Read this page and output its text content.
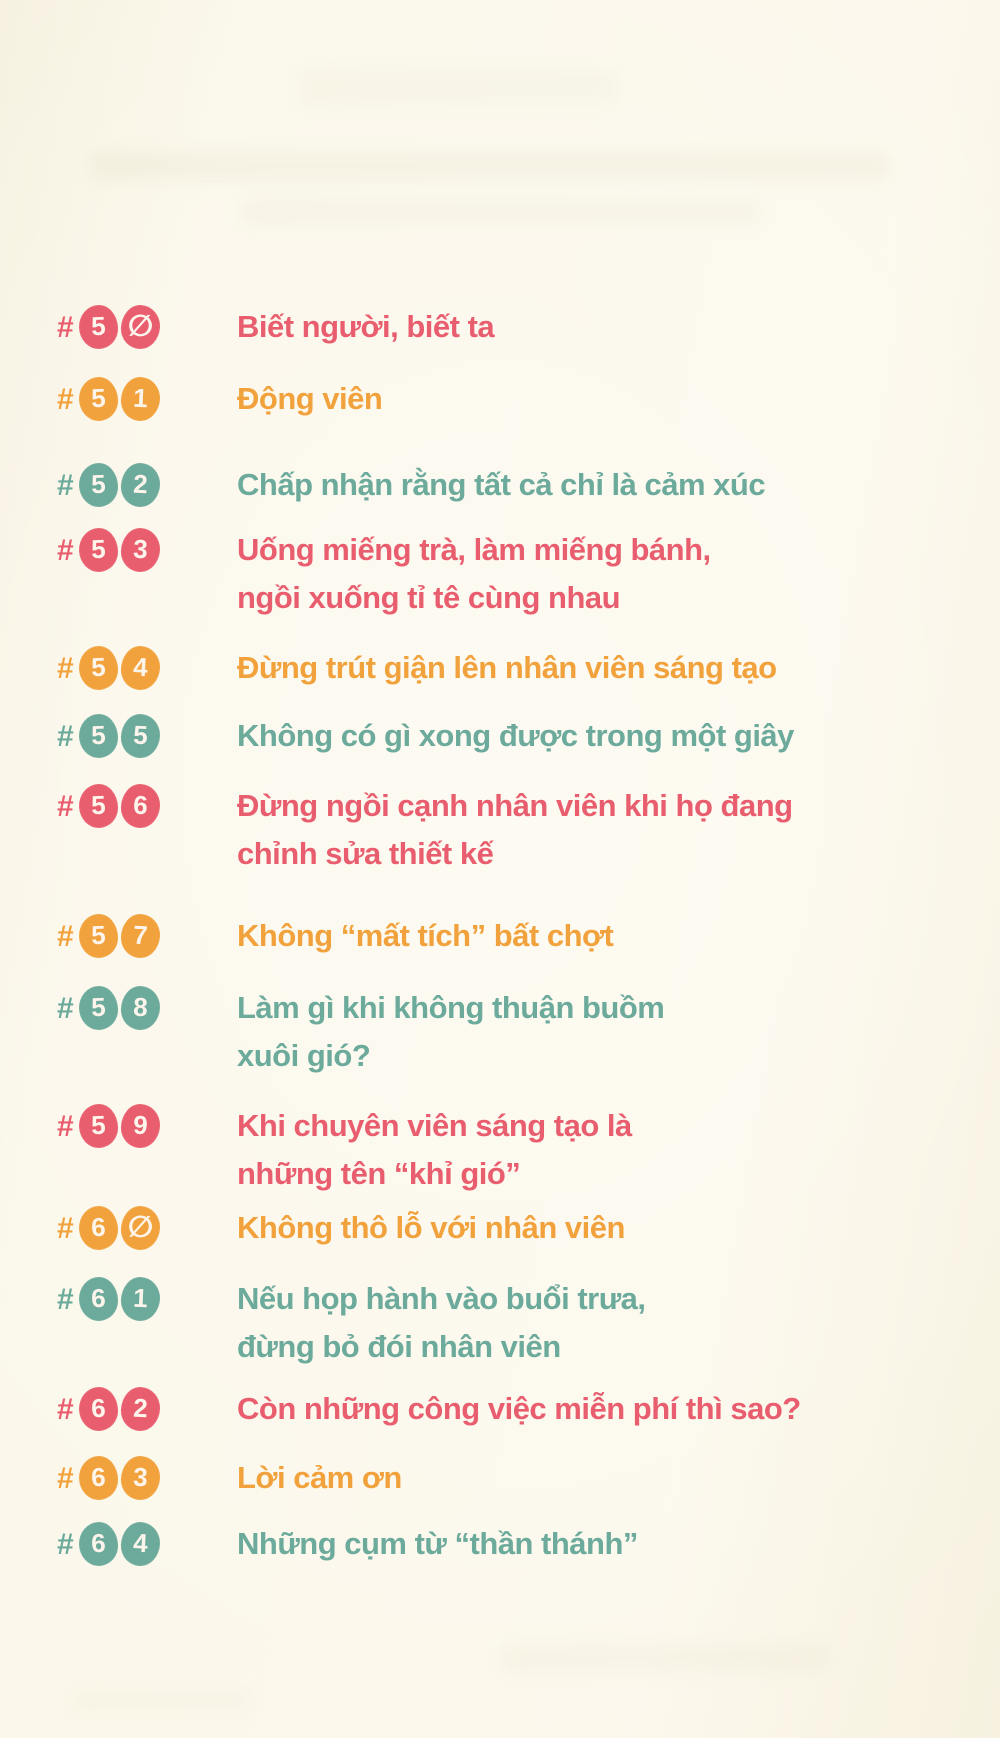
# 5 ∅	Biết người, biết ta
# 5 1	Động viên
# 5 2	Chấp nhận rằng tất cả chỉ là cảm xúc
# 5 3	Uống miếng trà, làm miếng bánh,
ngồi xuống tỉ tê cùng nhau
# 5 4	Đừng trút giận lên nhân viên sáng tạo
# 5 5	Không có gì xong được trong một giây
# 5 6	Đừng ngồi cạnh nhân viên khi họ đang
chỉnh sửa thiết kế
# 5 7	Không “mất tích” bất chợt
# 5 8	Làm gì khi không thuận buồm
xuôi gió?
# 5 9	Khi chuyên viên sáng tạo là
những tên “khỉ gió”
# 6 ∅	Không thô lỗ với nhân viên
# 6 1	Nếu họp hành vào buổi trưa,
đừng bỏ đói nhân viên
# 6 2	Còn những công việc miễn phí thì sao?
# 6 3	Lời cảm ơn
# 6 4	Những cụm từ “thần thánh”
